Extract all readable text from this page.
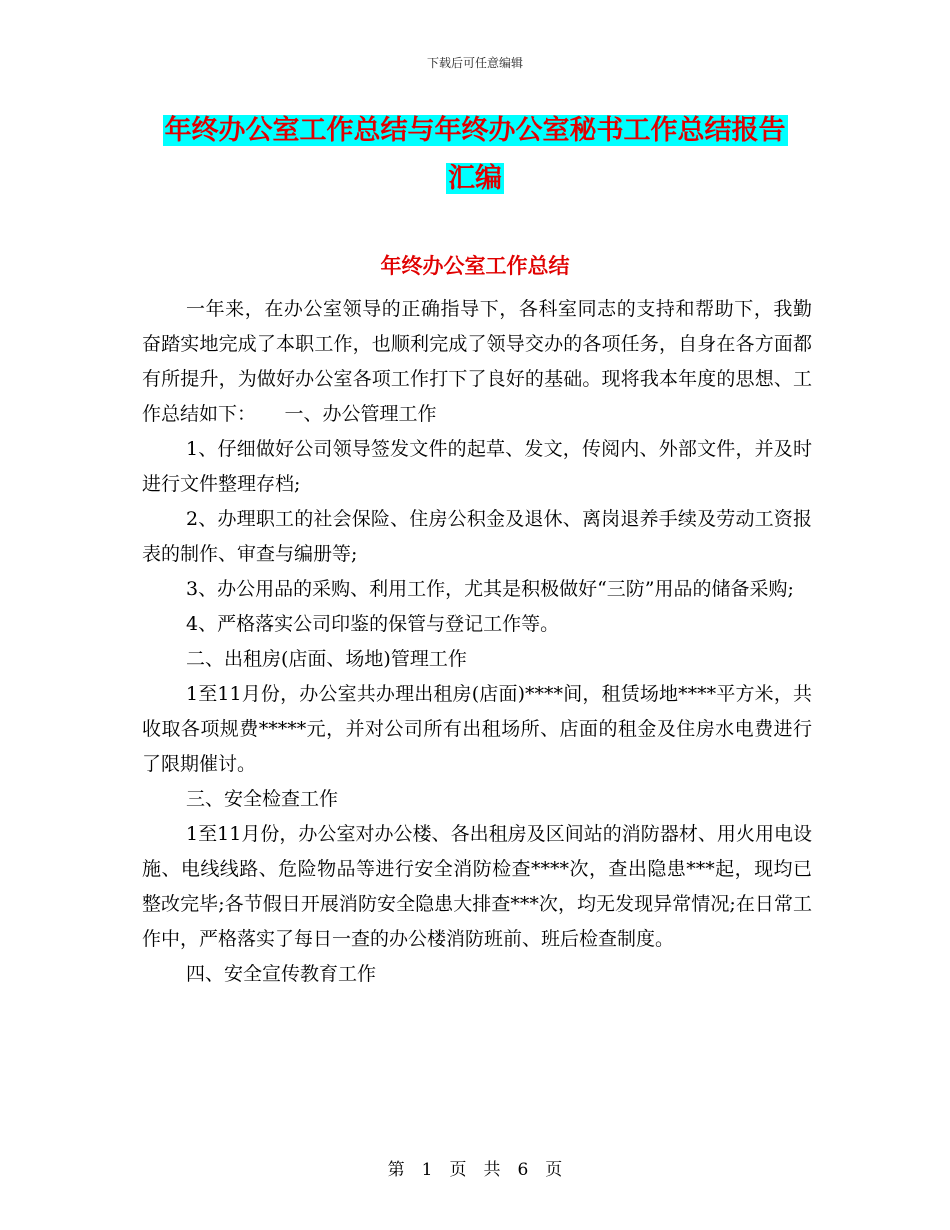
下载后可任意编辑
年终办公室工作总结与年终办公室秘书工作总结报告
汇编
年终办公室工作总结

一年来，在办公室领导的正确指导下，各科室同志的支持和帮助下，我勤奋踏实地完成了本职工作，也顺利完成了领导交办的各项任务，自身在各方面都有所提升，为做好办公室各项工作打下了良好的基础。现将我本年度的思想、工作总结如下：　　一、办公管理工作

1、仔细做好公司领导签发文件的起草、发文，传阅内、外部文件，并及时进行文件整理存档;

2、办理职工的社会保险、住房公积金及退休、离岗退养手续及劳动工资报表的制作、审查与编册等;

3、办公用品的采购、利用工作，尤其是积极做好“三防”用品的储备采购;

4、严格落实公司印鉴的保管与登记工作等。

二、出租房(店面、场地)管理工作

1至11月份，办公室共办理出租房(店面)****间，租赁场地****平方米，共收取各项规费*****元，并对公司所有出租场所、店面的租金及住房水电费进行了限期催讨。

三、安全检查工作

1至11月份，办公室对办公楼、各出租房及区间站的消防器材、用火用电设施、电线线路、危险物品等进行安全消防检查****次，查出隐患***起，现均已整改完毕;各节假日开展消防安全隐患大排查***次，均无发现异常情况;在日常工作中，严格落实了每日一查的办公楼消防班前、班后检查制度。

四、安全宣传教育工作

第　1　页　共　6　页
